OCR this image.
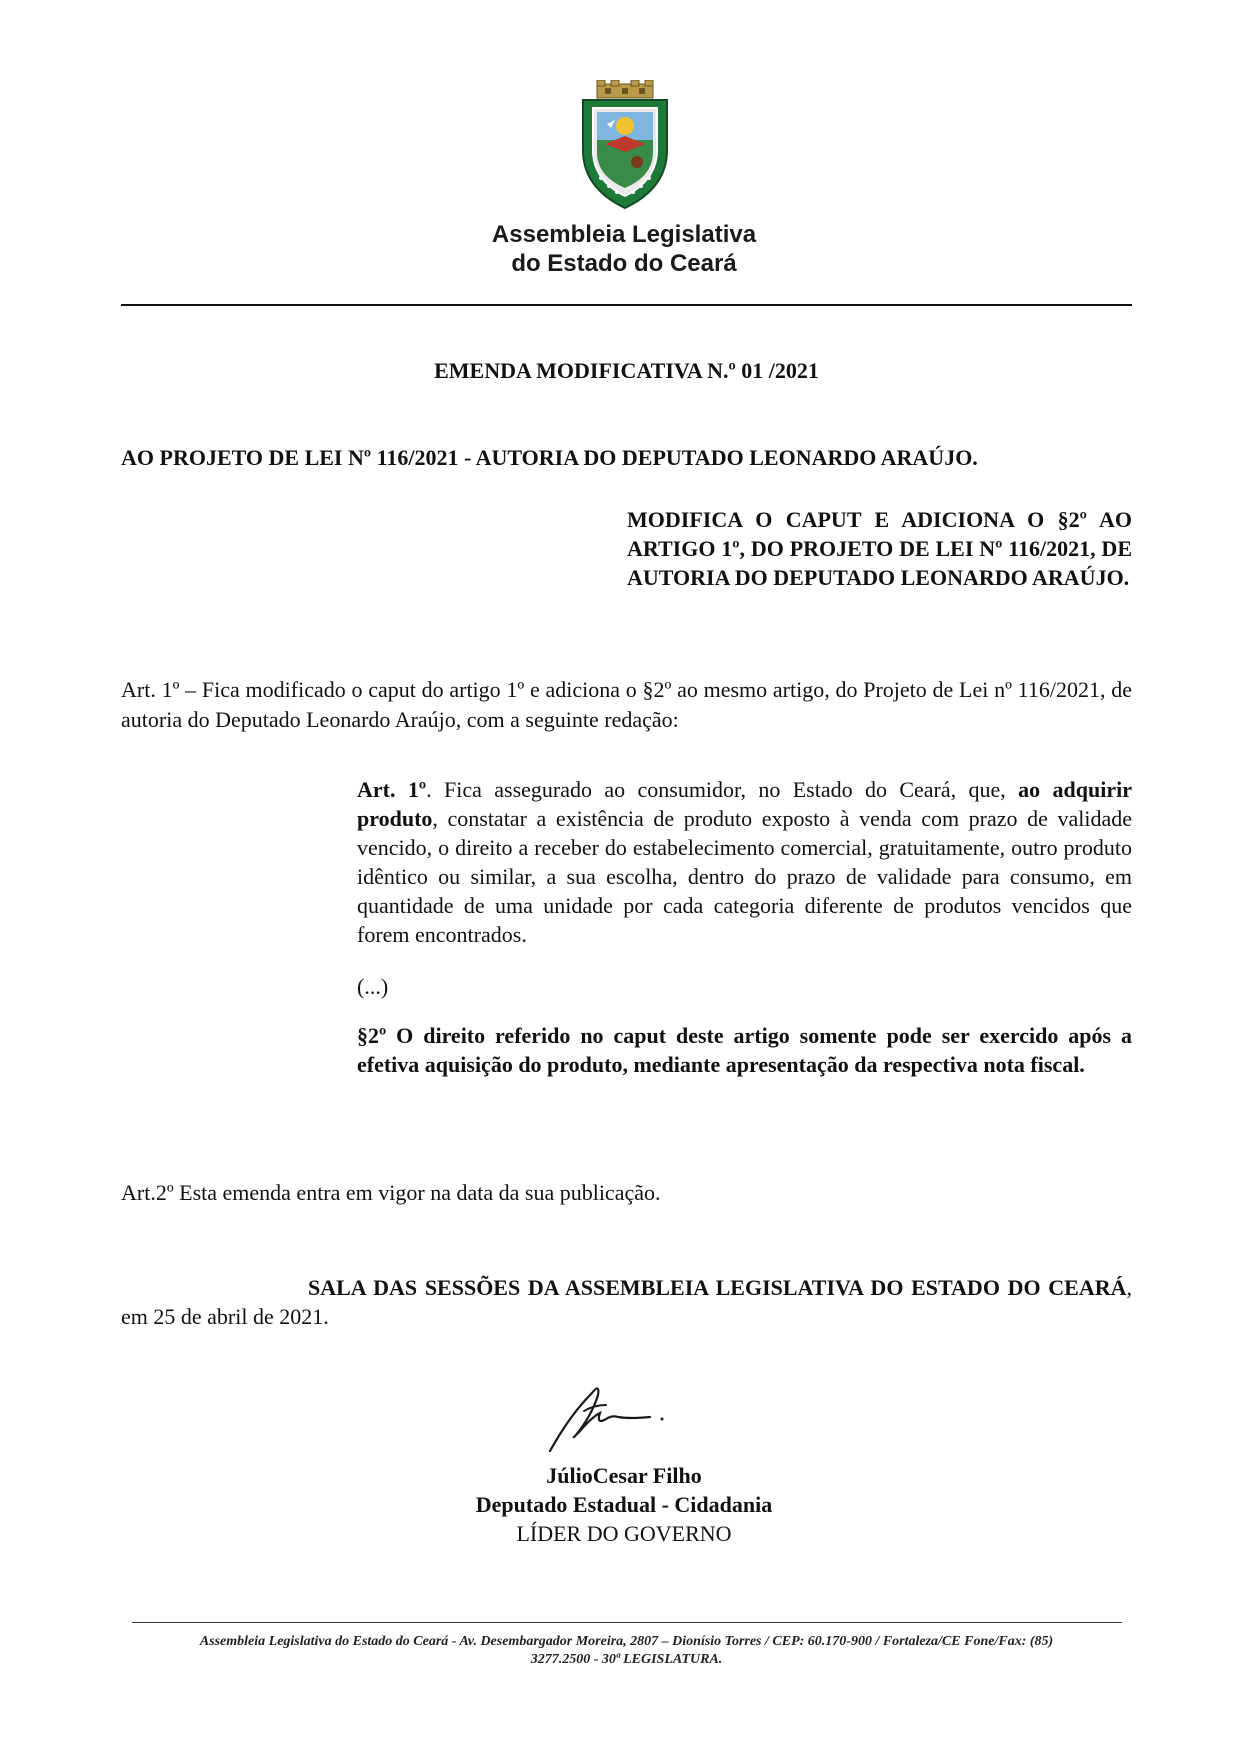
Assembleia Legislativa
do Estado do Ceará
EMENDA MODIFICATIVA N.º 01 /2021
AO PROJETO DE LEI Nº 116/2021 - AUTORIA DO DEPUTADO LEONARDO ARAÚJO.
MODIFICA O CAPUT E ADICIONA O §2º AO ARTIGO 1º, DO PROJETO DE LEI Nº 116/2021, DE AUTORIA DO DEPUTADO LEONARDO ARAÚJO.
Art. 1º – Fica modificado o caput do artigo 1º e adiciona o §2º ao mesmo artigo, do Projeto de Lei nº 116/2021, de autoria do Deputado Leonardo Araújo, com a seguinte redação:
Art. 1º. Fica assegurado ao consumidor, no Estado do Ceará, que, ao adquirir produto, constatar a existência de produto exposto à venda com prazo de validade vencido, o direito a receber do estabelecimento comercial, gratuitamente, outro produto idêntico ou similar, a sua escolha, dentro do prazo de validade para consumo, em quantidade de uma unidade por cada categoria diferente de produtos vencidos que forem encontrados.
(...)
§2º O direito referido no caput deste artigo somente pode ser exercido após a efetiva aquisição do produto, mediante apresentação da respectiva nota fiscal.
Art.2º Esta emenda entra em vigor na data da sua publicação.
SALA DAS SESSÕES DA ASSEMBLEIA LEGISLATIVA DO ESTADO DO CEARÁ, em 25 de abril de 2021.
JúlioCesar Filho
Deputado Estadual - Cidadania
LÍDER DO GOVERNO
Assembleia Legislativa do Estado do Ceará - Av. Desembargador Moreira, 2807 – Dionísio Torres / CEP: 60.170-900 / Fortaleza/CE Fone/Fax: (85)
3277.2500 - 30ª LEGISLATURA.
